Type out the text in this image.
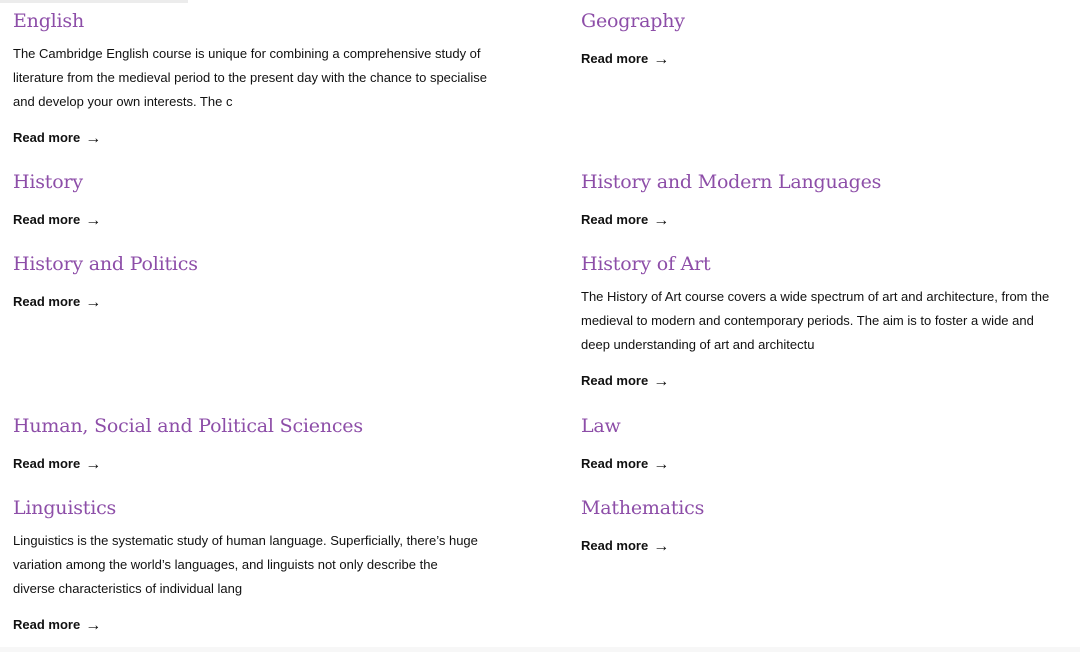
English

The Cambridge English course is unique for combining a comprehensive study of literature from the medieval period to the present day with the chance to specialise and develop your own interests. The c

Read more →
History
Read more →
History and Politics
Read more →
Human, Social and Political Sciences
Read more →
Linguistics

Linguistics is the systematic study of human language. Superficially, there’s huge variation among the world’s languages, and linguists not only describe the diverse characteristics of individual lang

Read more →
Geography
Read more →
History and Modern Languages
Read more →
History of Art

The History of Art course covers a wide spectrum of art and architecture, from the medieval to modern and contemporary periods. The aim is to foster a wide and deep understanding of art and architectu

Read more →
Law
Read more →
Mathematics
Read more →
